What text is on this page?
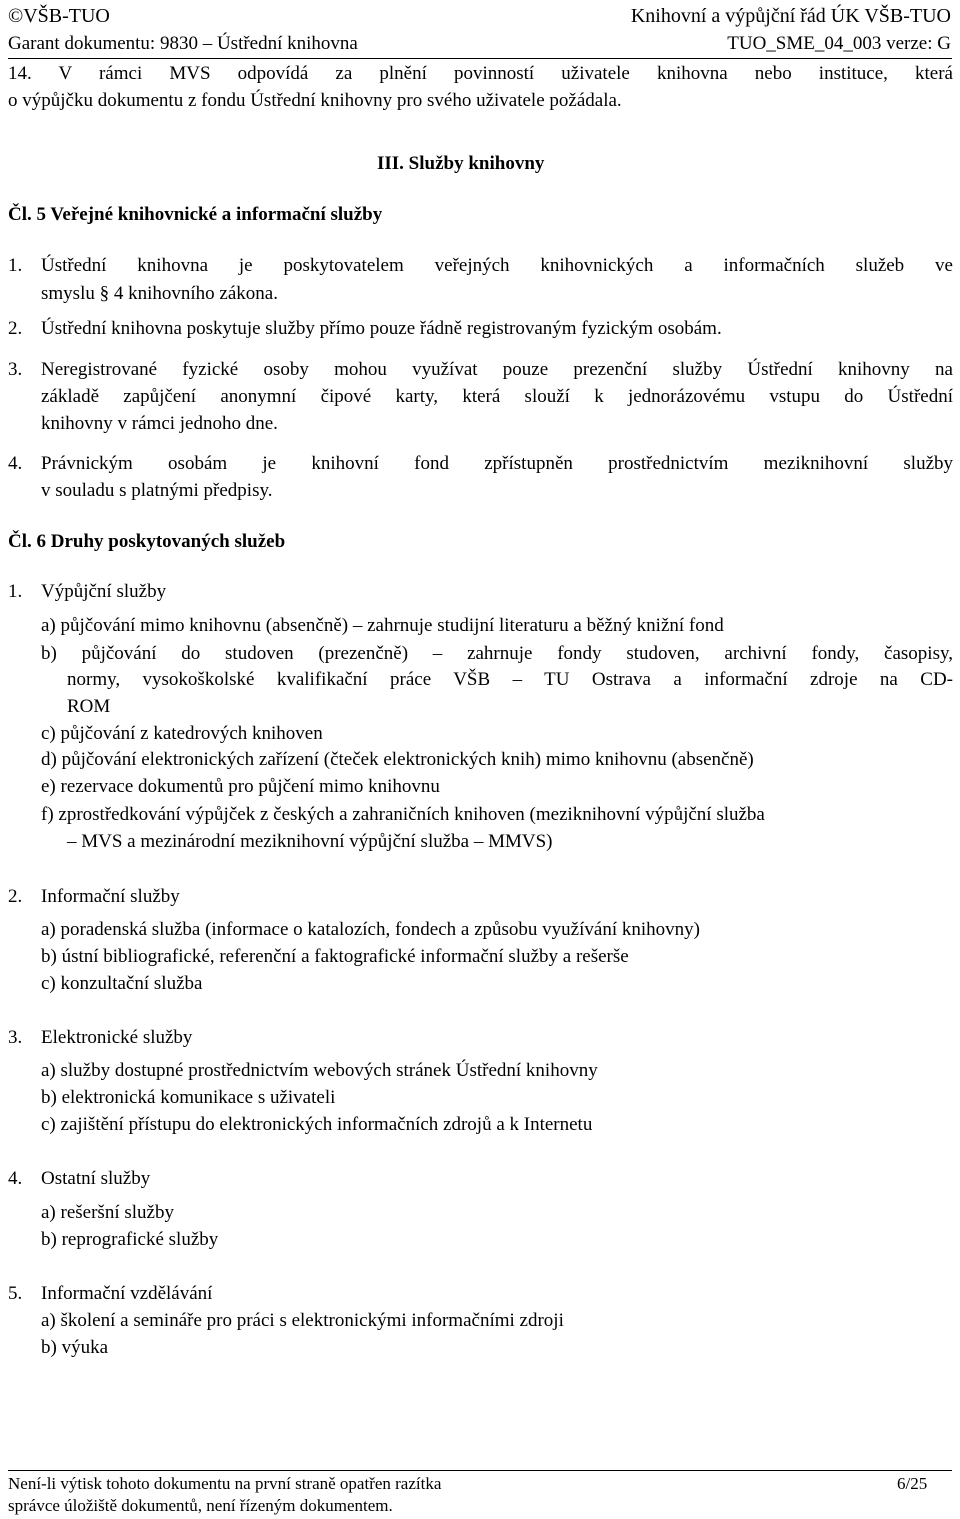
©VŠB-TUO	Knihovní a výpůjční řád ÚK VŠB-TUO
Garant dokumentu: 9830 – Ústřední knihovna	TUO_SME_04_003 verze: G
14. V rámci MVS odpovídá za plnění povinností uživatele knihovna nebo instituce, která
o výpůjčku dokumentu z fondu Ústřední knihovny pro svého uživatele požádala.
III. Služby knihovny
Čl. 5 Veřejné knihovnické a informační služby
1. Ústřední knihovna je poskytovatelem veřejných knihovnických a informačních služeb ve
smyslu § 4 knihovního zákona.
2. Ústřední knihovna poskytuje služby přímo pouze řádně registrovaným fyzickým osobám.
3. Neregistrované fyzické osoby mohou využívat pouze prezenční služby Ústřední knihovny na
základě zapůjčení anonymní čipové karty, která slouží k jednorázovému vstupu do Ústřední
knihovny v rámci jednoho dne.
4. Právnickým osobám je knihovní fond zpřístupněn prostřednictvím meziknihovní služby
v souladu s platnými předpisy.
Čl. 6 Druhy poskytovaných služeb
1. Výpůjční služby
a) půjčování mimo knihovnu (absenčně) – zahrnuje studijní literaturu a běžný knižní fond
b) půjčování do studoven (prezenčně) – zahrnuje fondy studoven, archivní fondy, časopisy,
normy, vysokoškolské kvalifikační práce VŠB – TU Ostrava a informační zdroje na CD-
ROM
c) půjčování z katedrových knihoven
d) půjčování elektronických zařízení (čteček elektronických knih) mimo knihovnu (absenčně)
e) rezervace dokumentů pro půjčení mimo knihovnu
f) zprostředkování výpůjček z českých a zahraničních knihoven (meziknihovní výpůjční služba
– MVS a mezinárodní meziknihovní výpůjční služba – MMVS)
2. Informační služby
a) poradenská služba (informace o katalozích, fondech a způsobu využívání knihovny)
b) ústní bibliografické, referenční a faktografické informační služby a rešerše
c) konzultační služba
3. Elektronické služby
a) služby dostupné prostřednictvím webových stránek Ústřední knihovny
b) elektronická komunikace s uživateli
c) zajištění přístupu do elektronických informačních zdrojů a k Internetu
4. Ostatní služby
a) rešeršní služby
b) reprografické služby
5. Informační vzdělávání
a) školení a semináře pro práci s elektronickými informačními zdroji
b) výuka
Není-li výtisk tohoto dokumentu na první straně opatřen razítka	6/25
správce úložiště dokumentů, není řízeným dokumentem.
